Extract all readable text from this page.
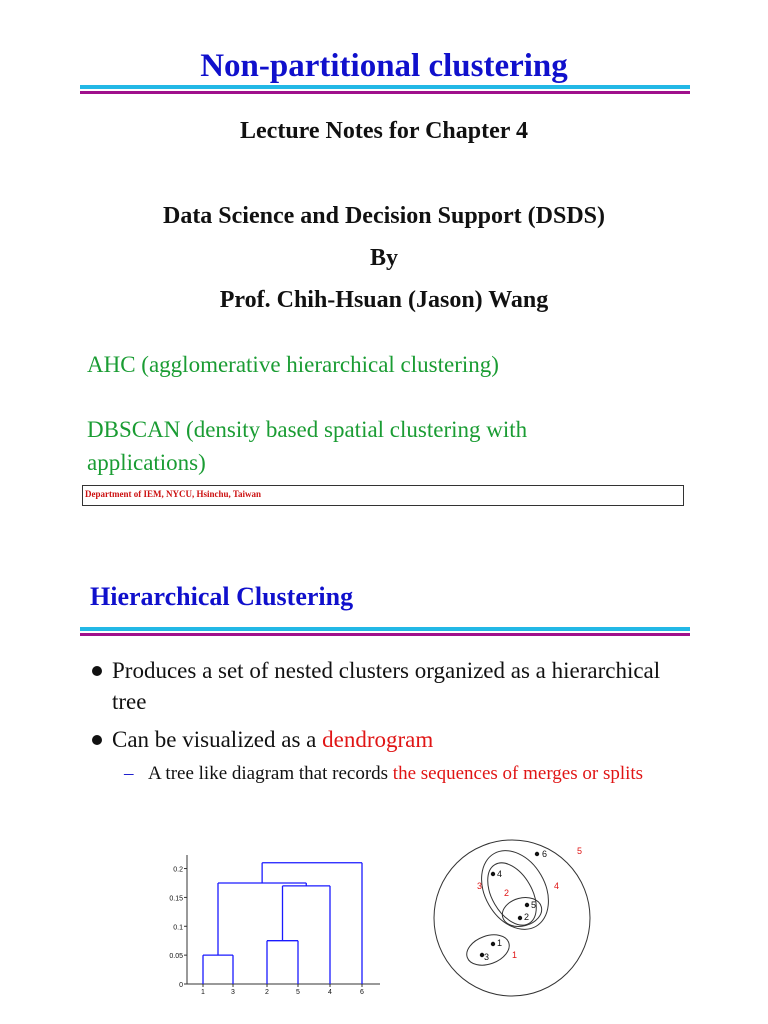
Non-partitional clustering

Lecture Notes for Chapter 4

Data Science and Decision Support (DSDS)

By

Prof. Chih-Hsuan (Jason) Wang

AHC (agglomerative hierarchical clustering)

DBSCAN (density based spatial clustering with applications)

Department of IEM, NYCU, Hsinchu, Taiwan
Hierarchical Clustering
Produces a set of nested clusters organized as a hierarchical tree
Can be visualized as a dendrogram
– A tree like diagram that records the sequences of merges or splits
0
0.05
0.1
0.15
0.2
1	3	2	5	4	6
1
2
3
4
5
6
1
2
3	4
5
